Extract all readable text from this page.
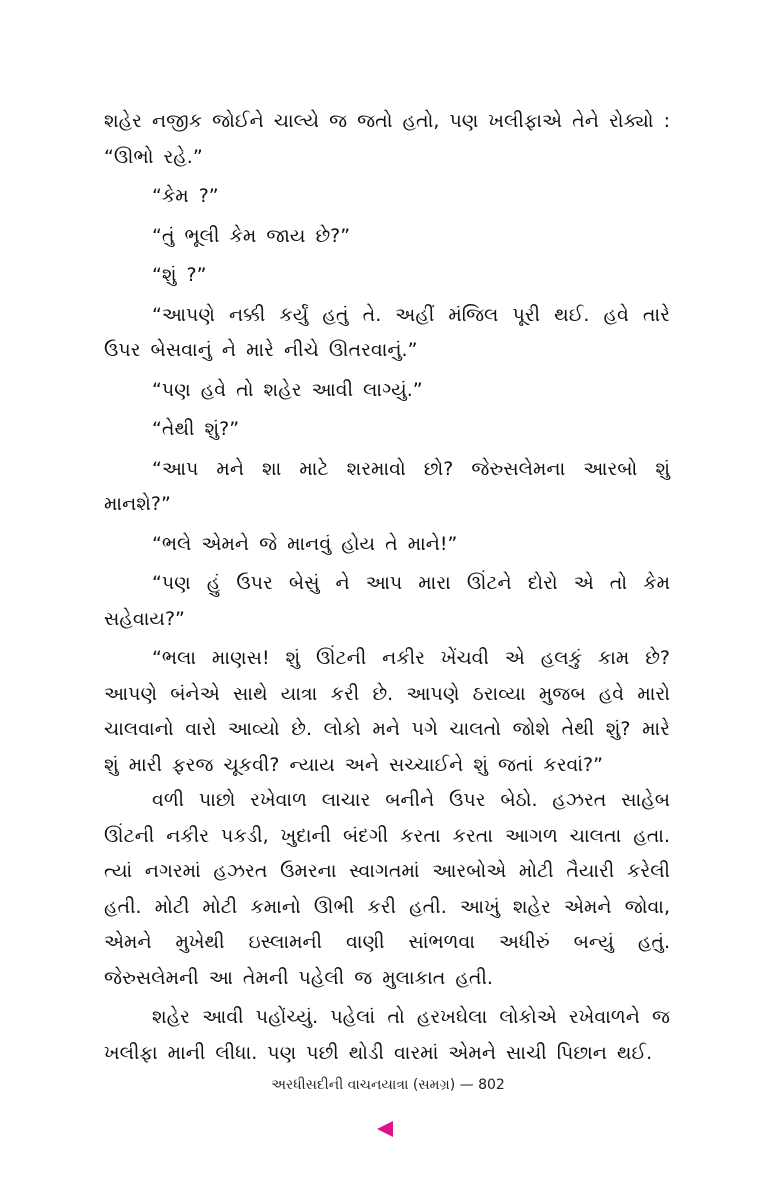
શહેર નજીક જોઈને ચાલ્યે જ જતો હતો, પણ ખલીફાએ તેને રોક્યો : “ઊભો રહે.”

“કેમ ?”

“તું ભૂલી કેમ જાય છે?”

“શું ?”

“આપણે નક્કી કર્યું હતું તે. અહીં મંજિલ પૂરી થઈ. હવે તારે ઉપર બેસવાનું ને મારે નીચે ઊતરવાનું.”

“પણ હવે તો શહેર આવી લાગ્યું.”

“તેથી શું?”

“આપ મને શા માટે શરમાવો છો? જેરુસલેમના આરબો શું માનશે?”

“ભલે એમને જે માનવું હોય તે માને!”

“પણ હું ઉપર બેસું ને આપ મારા ઊંટને દોરો એ તો કેમ સહેવાય?”

“ભલા માણસ! શું ઊંટની નકીર ખેંચવી એ હલકું કામ છે? આપણે બંનેએ સાથે યાત્રા કરી છે. આપણે ઠરાવ્યા મુજબ હવે મારો ચાલવાનો વારો આવ્યો છે. લોકો મને પગે ચાલતો જોશે તેથી શું? મારે શું મારી ફરજ ચૂકવી? ન્યાય અને સચ્ચાઈને શું જતાં કરવાં?”

વળી પાછો રખેવાળ લાચાર બનીને ઉપર બેઠો. હઝરત સાહેબ ઊંટની નકીર પકડી, ખુદાની બંદગી કરતા કરતા આગળ ચાલતા હતા. ત્યાં નગરમાં હઝરત ઉમરના સ્વાગતમાં આરબોએ મોટી તૈયારી કરેલી હતી. મોટી મોટી કમાનો ઊભી કરી હતી. આખું શહેર એમને જોવા, એમને મુખેથી ઇસ્લામની વાણી સાંભળવા અધીરું બન્યું હતું. જેરુસલેમની આ તેમની પહેલી જ મુલાકાત હતી.

શહેર આવી પહોંચ્યું. પહેલાં તો હરખઘેલા લોકોએ રખેવાળને જ ખલીફા માની લીધા. પણ પછી થોડી વારમાં એમને સાચી પિછાન થઈ.

અરધીસદીની વાચનયાત્રા (સમગ્ર) — 802
